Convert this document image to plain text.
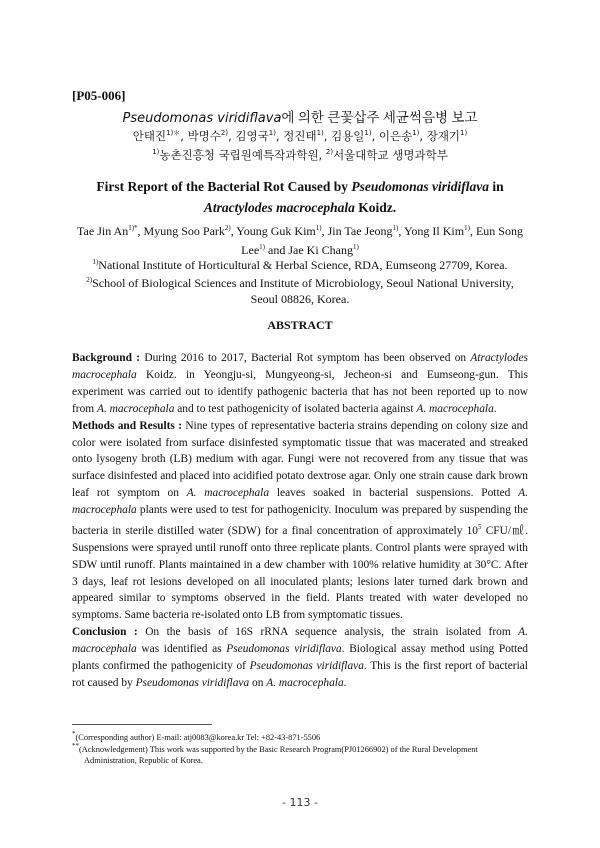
[P05-006]
Pseudomonas viridiflava에 의한 큰꽃삽주 세균썩음병 보고
안태진$^{1)*}$, 박명수$^{2)}$, 김영국$^{1)}$, 정진태$^{1)}$, 김용일$^{1)}$, 이은송$^{1)}$, 장재기$^{1)}$
$^{1)}$농촌진흥청 국립원예특작과학원, $^{2)}$서울대학교 생명과학부
First Report of the Bacterial Rot Caused by Pseudomonas viridiflava in
Atractylodes macrocephala Koidz.
Tae Jin $An^{1)*}$, Myung Soo Park$^{2)}$, Young Guk Kim$^{1)}$, Jin Tae Jeong$^{1)}$, Yong Il Kim$^{1)}$, Eun Song Lee$^{1)}$ and Jae Ki Chang$^{1)}$
$^{1)}$National Institute of Horticultural & Herbal Science, RDA, Eumseong 27709, Korea.
$^{2)}$School of Biological Sciences and Institute of Microbiology, Seoul National University, Seoul 08826, Korea.
ABSTRACT

Background : During 2016 to 2017, Bacterial Rot symptom has been observed on Atractylodes macrocephala Koidz. in Yeongju-si, Mungyeong-si, Jecheon-si and Eumseong-gun. This experiment was carried out to identify pathogenic bacteria that has not been reported up to now from A. macrocephala and to test pathogenicity of isolated bacteria against A. macrocephala.

Methods and Results : Nine types of representative bacteria strains depending on colony size and color were isolated from surface disinfested symptomatic tissue that was macerated and streaked onto lysogeny broth (LB) medium with agar. Fungi were not recovered from any tissue that was surface disinfested and placed into acidified potato dextrose agar. Only one strain cause dark brown leaf rot symptom on A. macrocephala leaves soaked in bacterial suspensions. Potted A. macrocephala plants were used to test for pathogenicity. Inoculum was prepared by suspending the bacteria in sterile distilled water (SDW) for a final concentration of approximately $10^5$ CFU/㎖. Suspensions were sprayed until runoff onto three replicate plants. Control plants were sprayed with SDW until runoff. Plants maintained in a dew chamber with 100% relative humidity at 30°C. After 3 days, leaf rot lesions developed on all inoculated plants; lesions later turned dark brown and appeared similar to symptoms observed in the field. Plants treated with water developed no symptoms. Same bacteria re-isolated onto LB from symptomatic tissues.

Conclusion : On the basis of 16S rRNA sequence analysis, the strain isolated from A. macrocephala was identified as Pseudomonas viridiflava. Biological assay method using Potted plants confirmed the pathogenicity of Pseudomonas viridiflava. This is the first report of bacterial rot caused by Pseudomonas viridiflava on A. macrocephala.

*(Corresponding author) E-mail: atj0083@korea.kr Tel: +82-43-871-5506
**(Acknowledgement) This work was supported by the Basic Research Program(PJ01266902) of the Rural Development Administration, Republic of Korea.
- 113 -
